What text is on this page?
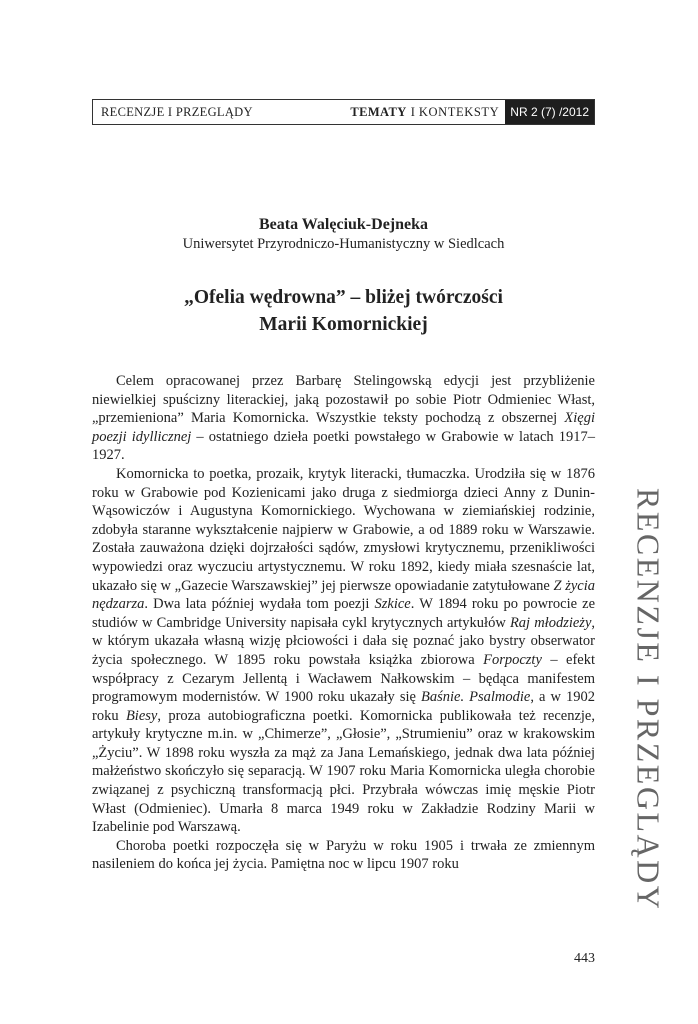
RECENZJE I PRZEGLĄDY	TEMATY I KONTEKSTY NR 2 (7) /2012
Beata Walęciuk-Dejneka
Uniwersytet Przyrodniczo-Humanistyczny w Siedlcach
„Ofelia wędrowna” – bliżej twórczości
Marii Komornickiej

Celem opracowanej przez Barbarę Stelingowską edycji jest przybliżenie niewielkiej spuścizny literackiej, jaką pozostawił po sobie Piotr Odmieniec Włast, „przemieniona” Maria Komornicka. Wszystkie teksty pochodzą z obszernej Xięgi poezji idyllicznej – ostatniego dzieła poetki powstałego w Grabowie w latach 1917–1927.

Komornicka to poetka, prozaik, krytyk literacki, tłumaczka. Urodziła się w 1876 roku w Grabowie pod Kozienicami jako druga z siedmiorga dzieci Anny z Dunin-Wąsowiczów i Augustyna Komornickiego. Wychowana w ziemiańskiej rodzinie, zdobyła staranne wykształcenie najpierw w Grabowie, a od 1889 roku w Warszawie. Została zauważona dzięki dojrzałości sądów, zmysłowi krytycznemu, przenikliwości wypowiedzi oraz wyczuciu artystycznemu. W roku 1892, kiedy miała szesnaście lat, ukazało się w „Gazecie Warszawskiej” jej pierwsze opowiadanie zatytułowane Z życia nędzarza. Dwa lata później wydała tom poezji Szkice. W 1894 roku po powrocie ze studiów w Cambridge University napisała cykl krytycznych artykułów Raj młodzieży, w którym ukazała własną wizję płciowości i dała się poznać jako bystry obserwator życia społecznego. W 1895 roku powstała książka zbiorowa Forpoczty – efekt współpracy z Cezarym Jellentą i Wacławem Nałkowskim – będąca manifestem programowym modernistów. W 1900 roku ukazały się Baśnie. Psalmodie, a w 1902 roku Biesy, proza autobiograficzna poetki. Komornicka publikowała też recenzje, artykuły krytyczne m.in. w „Chimerze”, „Głosie”, „Strumieniu” oraz w krakowskim „Życiu”. W 1898 roku wyszła za mąż za Jana Lemańskiego, jednak dwa lata później małżeństwo skończyło się separacją. W 1907 roku Maria Komornicka uległa chorobie związanej z psychiczną transformacją płci. Przybrała wówczas imię męskie Piotr Włast (Odmieniec). Umarła 8 marca 1949 roku w Zakładzie Rodziny Marii w Izabelinie pod Warszawą.

Choroba poetki rozpoczęła się w Paryżu w roku 1905 i trwała ze zmiennym nasileniem do końca jej życia. Pamiętna noc w lipcu 1907 roku	RECENZJE I PRZEGLĄDY
443
